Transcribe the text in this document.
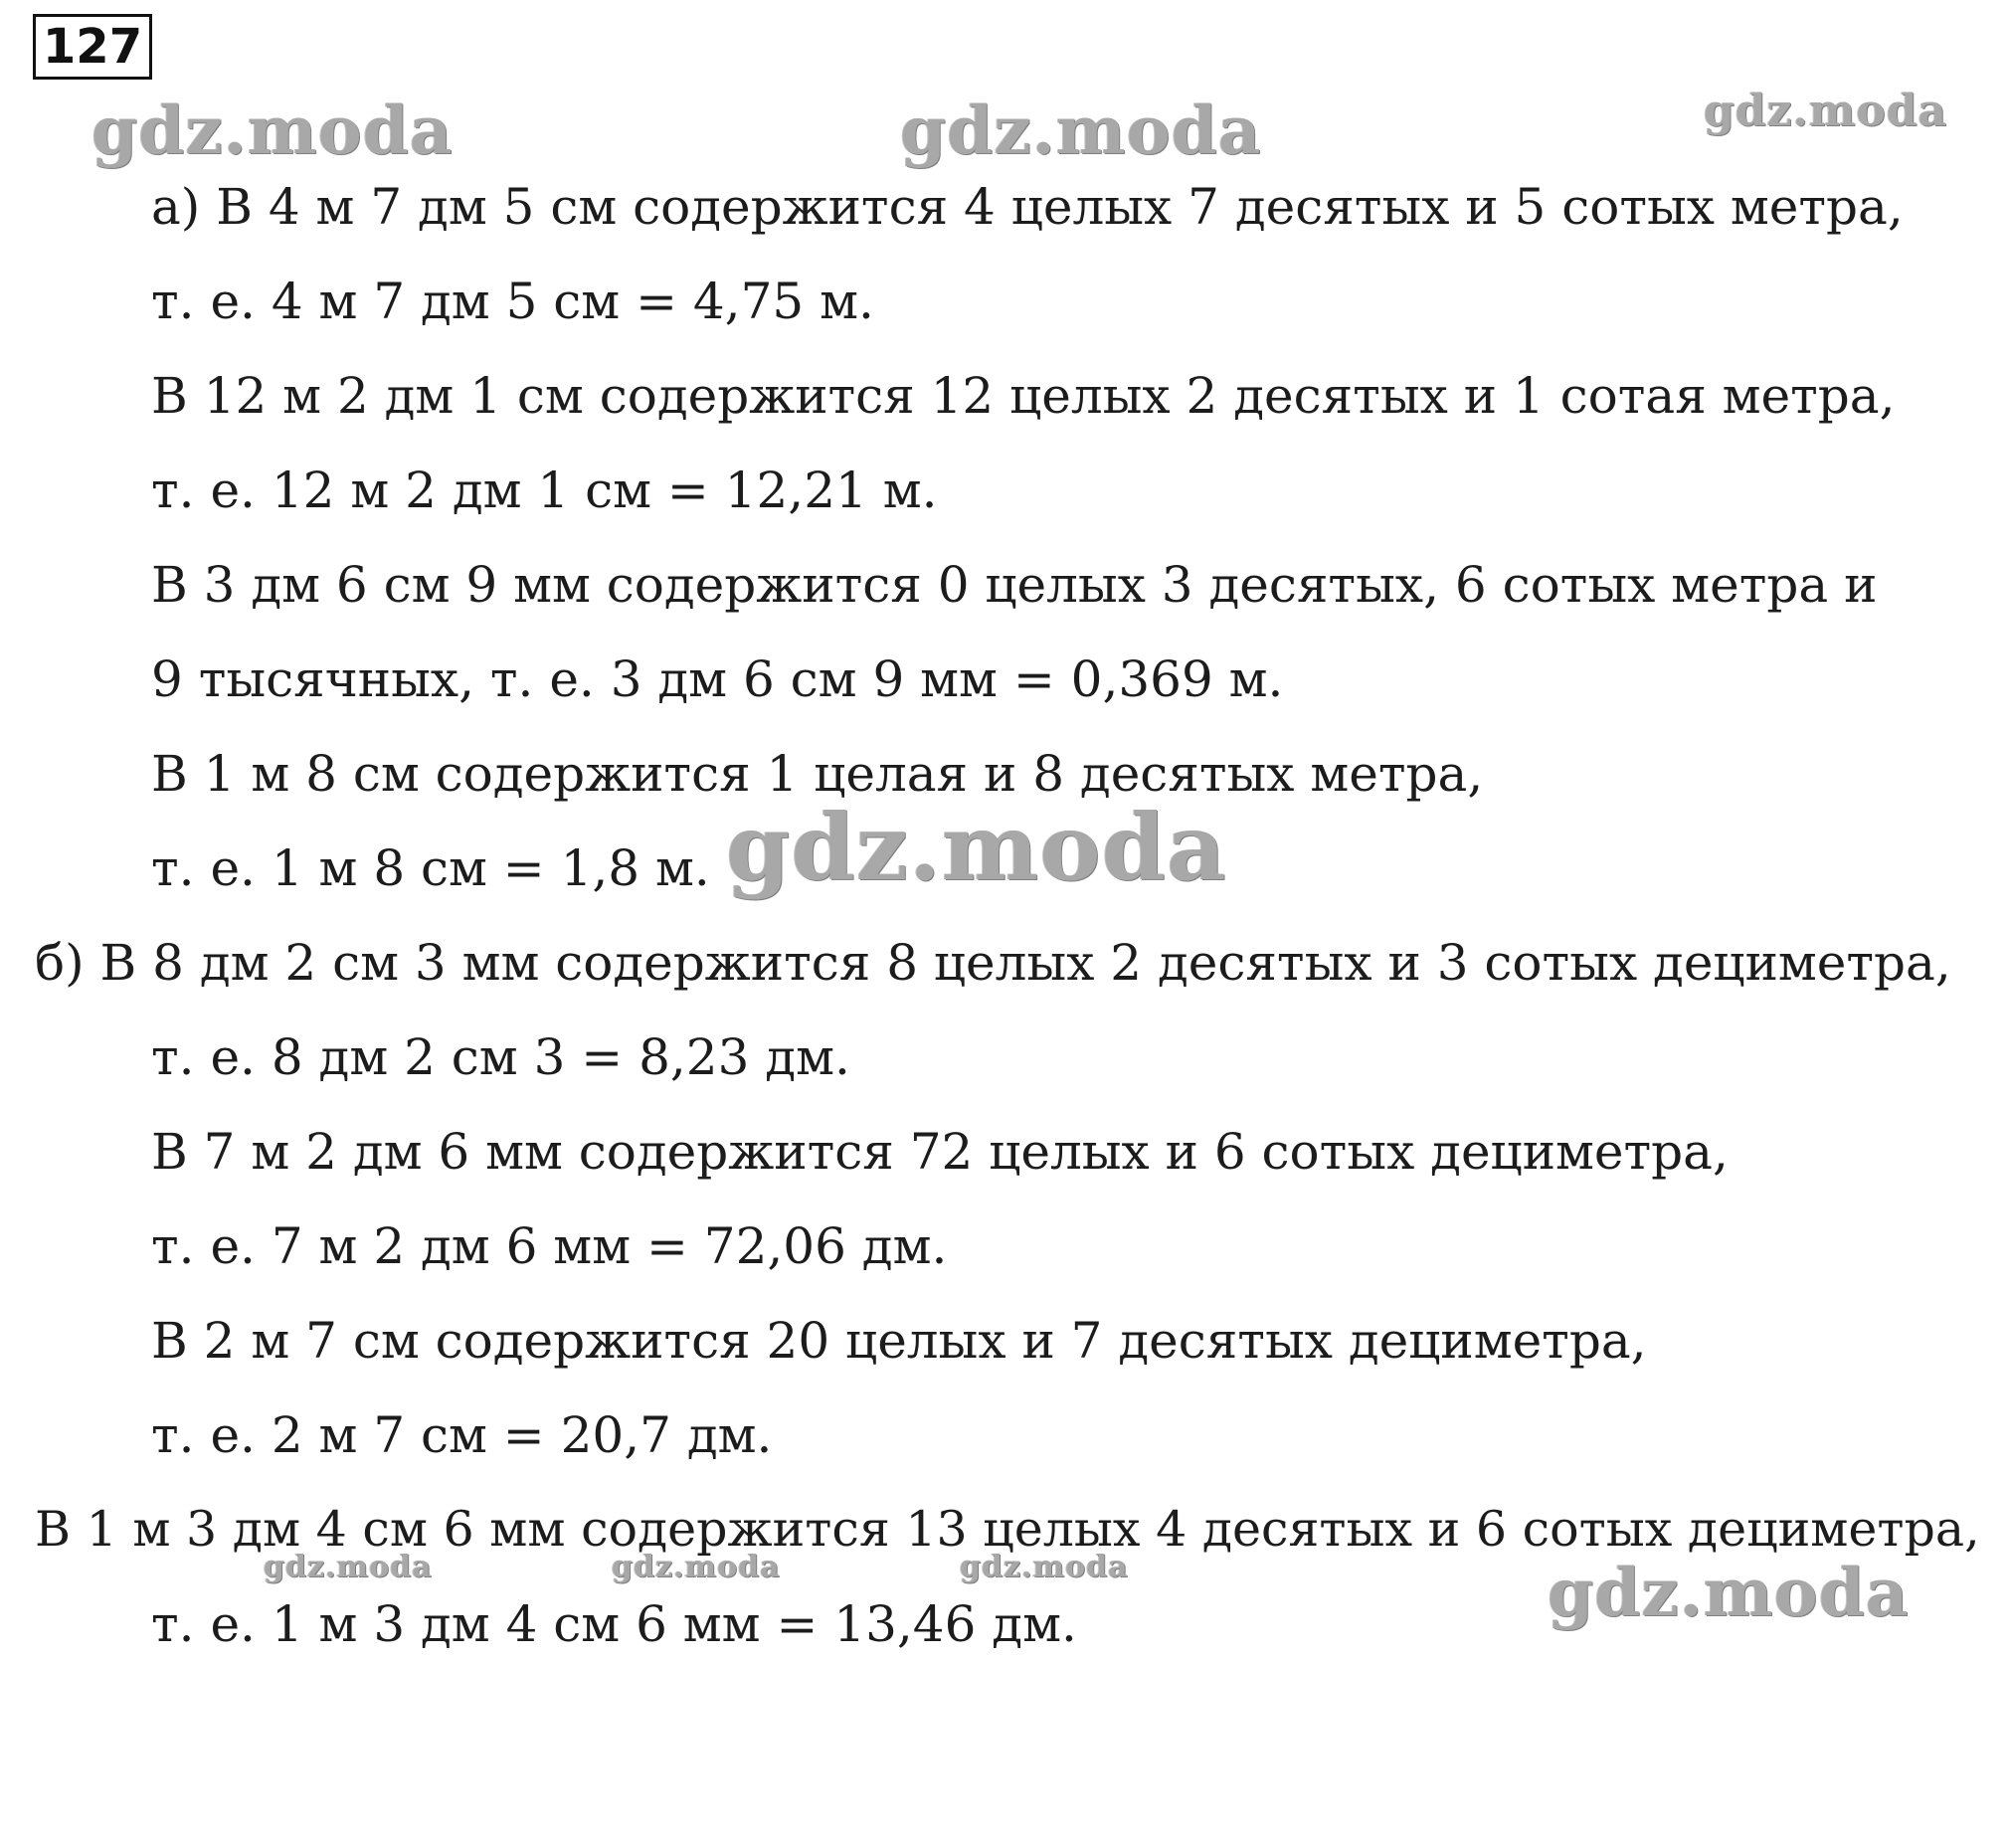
127
gdz.moda	gdz.moda	gdz.moda
а) В 4 м 7 дм 5 см содержится 4 целых 7 десятых и 5 сотых метра,
т. е. 4 м 7 дм 5 см = 4,75 м.
В 12 м 2 дм 1 см содержится 12 целых 2 десятых и 1 сотая метра,
т. е. 12 м 2 дм 1 см = 12,21 м.
В 3 дм 6 см 9 мм содержится 0 целых 3 десятых, 6 сотых метра и
9 тысячных, т. е. 3 дм 6 см 9 мм = 0,369 м.
В 1 м 8 см содержится 1 целая и 8 десятых метра,
т. е. 1 м 8 см = 1,8 м. gdz.moda
б) В 8 дм 2 см 3 мм содержится 8 целых 2 десятых и 3 сотых дециметра,
т. е. 8 дм 2 см 3 = 8,23 дм.
В 7 м 2 дм 6 мм содержится 72 целых и 6 сотых дециметра,
т. е. 7 м 2 дм 6 мм = 72,06 дм.
В 2 м 7 см содержится 20 целых и 7 десятых дециметра,
т. е. 2 м 7 см = 20,7 дм.
В 1 м 3 дм 4 см 6 мм содержится 13 целых 4 десятых и 6 сотых дециметра,
gdz.moda	gdz.moda	gdz.moda
т. е. 1 м 3 дм 4 см 6 мм = 13,46 дм.	gdz.moda
